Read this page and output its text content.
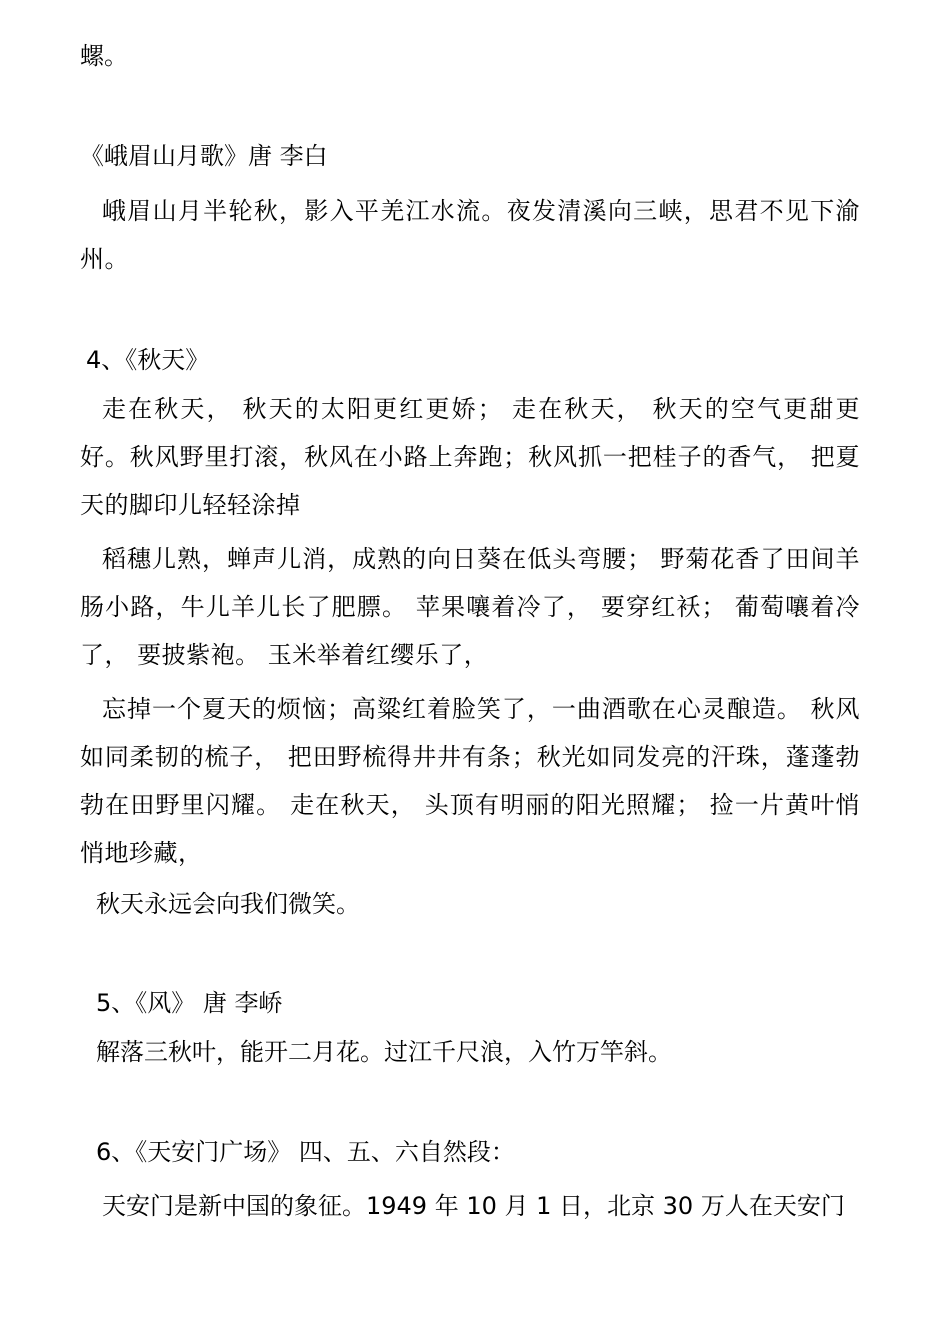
螺。
《峨眉山月歌》唐 李白
峨眉山月半轮秋，影入平羌江水流。夜发清溪向三峡，思君不见下渝州。
4、《秋天》
走在秋天， 秋天的太阳更红更娇； 走在秋天， 秋天的空气更甜更好。秋风野里打滚，秋风在小路上奔跑；秋风抓一把桂子的香气， 把夏天的脚印儿轻轻涂掉
稻穗儿熟，蝉声儿消，成熟的向日葵在低头弯腰； 野菊花香了田间羊肠小路，牛儿羊儿长了肥膘。 苹果嚷着冷了， 要穿红袄； 葡萄嚷着冷了， 要披紫袍。 玉米举着红缨乐了，
忘掉一个夏天的烦恼；高粱红着脸笑了，一曲酒歌在心灵酿造。 秋风如同柔韧的梳子， 把田野梳得井井有条；秋光如同发亮的汗珠，蓬蓬勃勃在田野里闪耀。 走在秋天， 头顶有明丽的阳光照耀； 捡一片黄叶悄悄地珍藏，
秋天永远会向我们微笑。
5、《风》 唐 李峤
解落三秋叶，能开二月花。过江千尺浪，入竹万竿斜。
6、《天安门广场》 四、五、六自然段：
天安门是新中国的象征。1949 年 10 月 1 日，北京 30 万人在天安门
